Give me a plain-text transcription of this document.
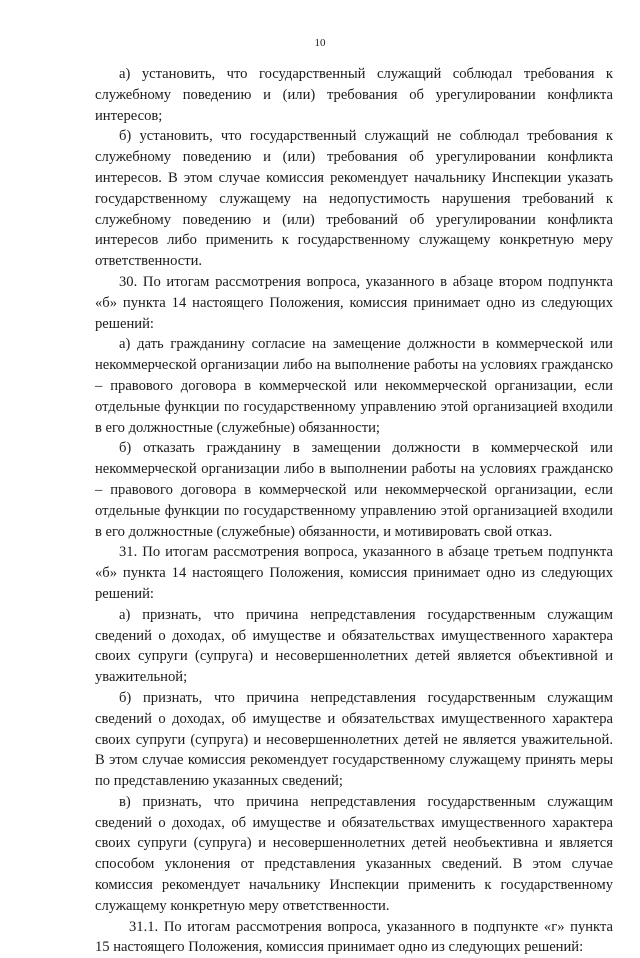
10

а) установить, что государственный служащий соблюдал требования к служебному поведению и (или) требования об урегулировании конфликта интересов;

б) установить, что государственный служащий не соблюдал требования к служебному поведению и (или) требования об урегулировании конфликта интересов. В этом случае комиссия рекомендует начальнику Инспекции указать государственному служащему на недопустимость нарушения требований к служебному поведению и (или) требований об урегулировании конфликта интересов либо применить к государственному служащему конкретную меру ответственности.

30. По итогам рассмотрения вопроса, указанного в абзаце втором подпункта «б» пункта 14 настоящего Положения, комиссия принимает одно из следующих решений:

а) дать гражданину согласие на замещение должности в коммерческой или некоммерческой организации либо на выполнение работы на условиях гражданско – правового договора в коммерческой или некоммерческой организации, если отдельные функции по государственному управлению этой организацией входили в его должностные (служебные) обязанности;

б) отказать гражданину в замещении должности в коммерческой или некоммерческой организации либо в выполнении работы на условиях гражданско – правового договора в коммерческой или некоммерческой организации, если отдельные функции по государственному управлению этой организацией входили в его должностные (служебные) обязанности, и мотивировать свой отказ.

31. По итогам рассмотрения вопроса, указанного в абзаце третьем подпункта «б» пункта 14 настоящего Положения, комиссия принимает одно из следующих решений:

а) признать, что причина непредставления государственным служащим сведений о доходах, об имуществе и обязательствах имущественного характера своих супруги (супруга) и несовершеннолетних детей является объективной и уважительной;

б) признать, что причина непредставления государственным служащим сведений о доходах, об имуществе и обязательствах имущественного характера своих супруги (супруга) и несовершеннолетних детей не является уважительной. В этом случае комиссия рекомендует государственному служащему принять меры по представлению указанных сведений;

в) признать, что причина непредставления государственным служащим сведений о доходах, об имуществе и обязательствах имущественного характера своих супруги (супруга) и несовершеннолетних детей необъективна и является способом уклонения от представления указанных сведений. В этом случае комиссия рекомендует начальнику Инспекции применить к государственному служащему конкретную меру ответственности.

31.1. По итогам рассмотрения вопроса, указанного в подпункте «г» пункта 15 настоящего Положения, комиссия принимает одно из следующих решений:
